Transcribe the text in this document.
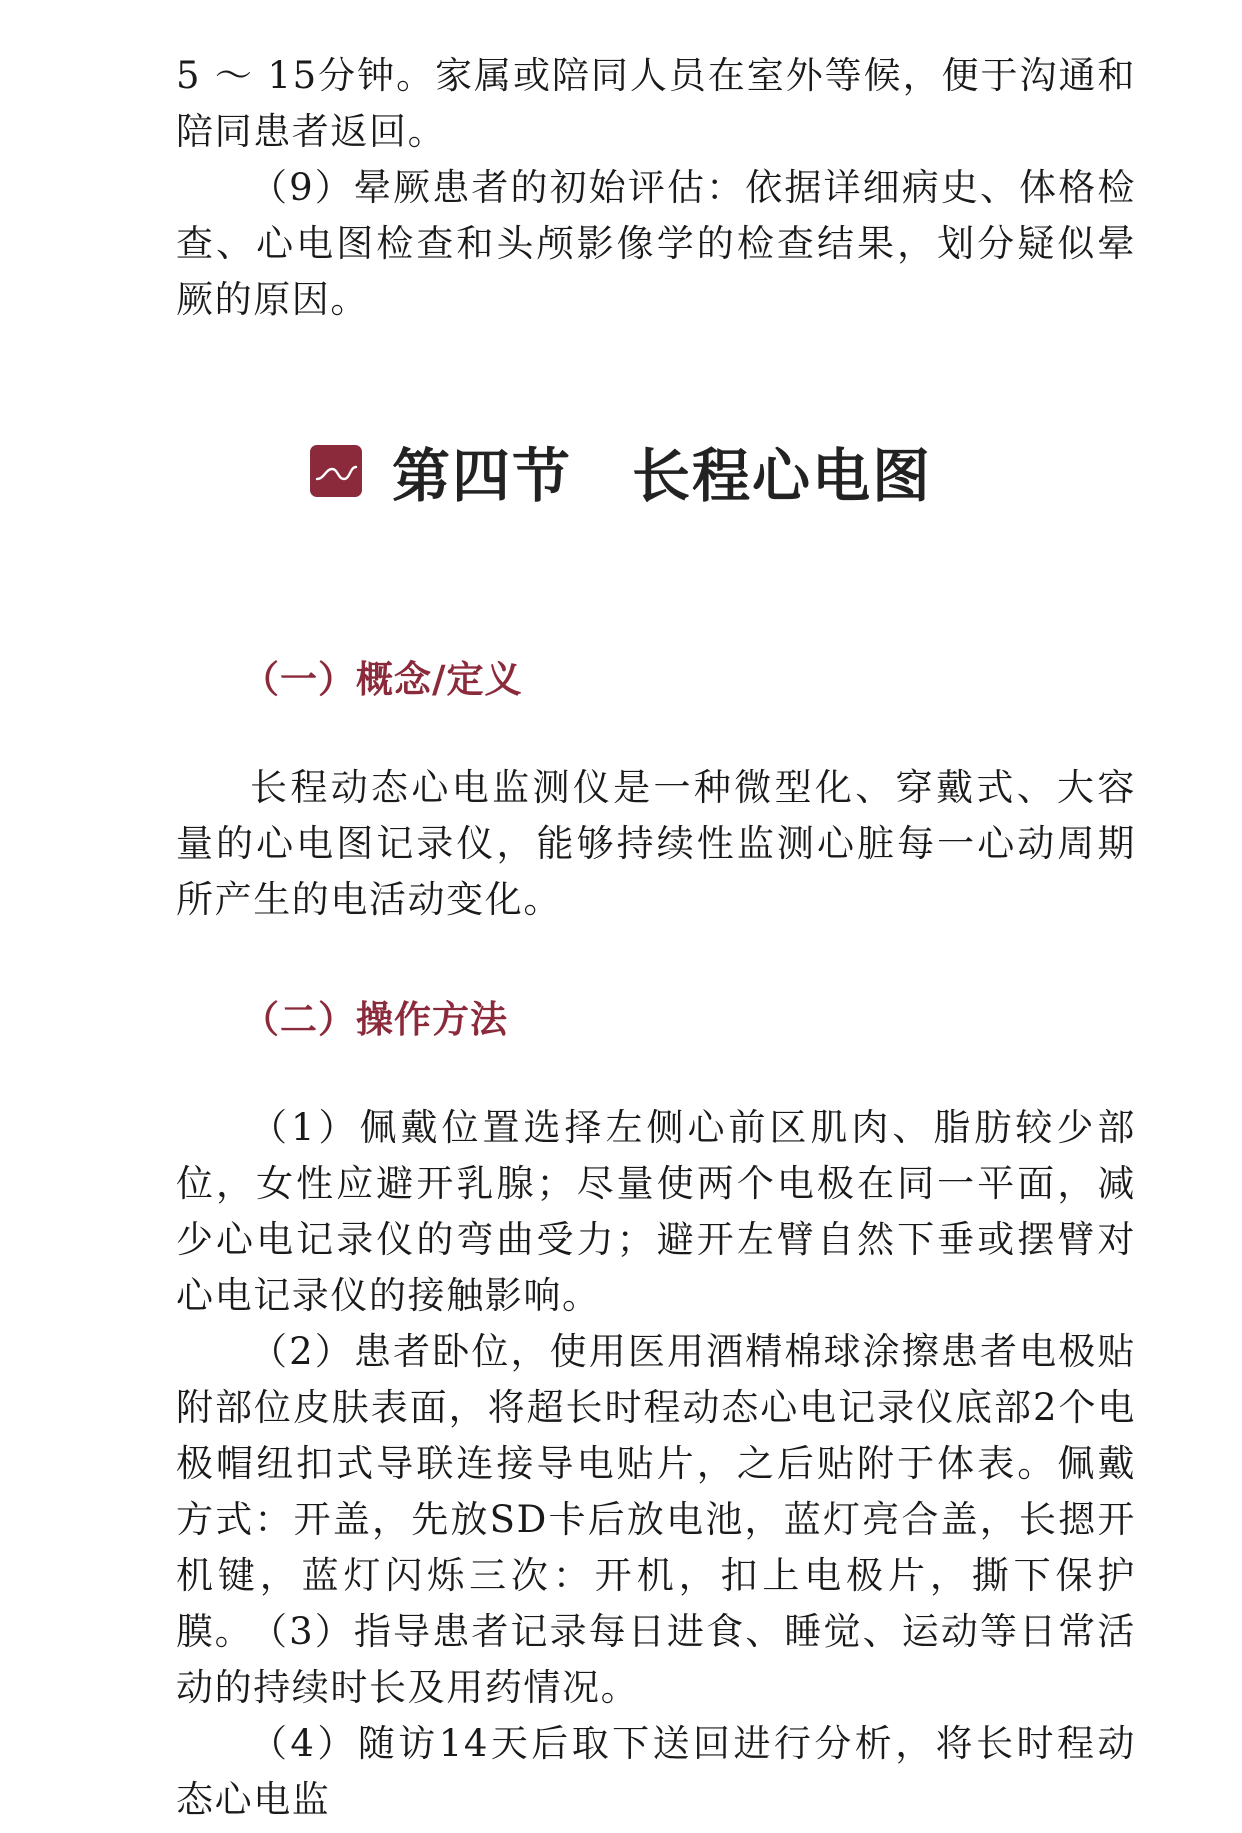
5 ～ 15分钟。家属或陪同人员在室外等候，便于沟通和陪同患者返回。

（9）晕厥患者的初始评估：依据详细病史、体格检查、心电图检查和头颅影像学的检查结果，划分疑似晕厥的原因。

（一）概念/定义

长程动态心电监测仪是一种微型化、穿戴式、大容量的心电图记录仪，能够持续性监测心脏每一心动周期所产生的电活动变化。

（二）操作方法

（1）佩戴位置选择左侧心前区肌肉、脂肪较少部位，女性应避开乳腺；尽量使两个电极在同一平面，减少心电记录仪的弯曲受力；避开左臂自然下垂或摆臂对心电记录仪的接触影响。

（2）患者卧位，使用医用酒精棉球涂擦患者电极贴附部位皮肤表面，将超长时程动态心电记录仪底部2个电极帽纽扣式导联连接导电贴片，之后贴附于体表。佩戴方式：开盖，先放SD卡后放电池，蓝灯亮合盖，长摁开机键，蓝灯闪烁三次：开机，扣上电极片，撕下保护膜。

（3）指导患者记录每日进食、睡觉、运动等日常活动的持续时长及用药情况。

（4）随访14天后取下送回进行分析，将长时程动态心电监

第四节　长程心电图
